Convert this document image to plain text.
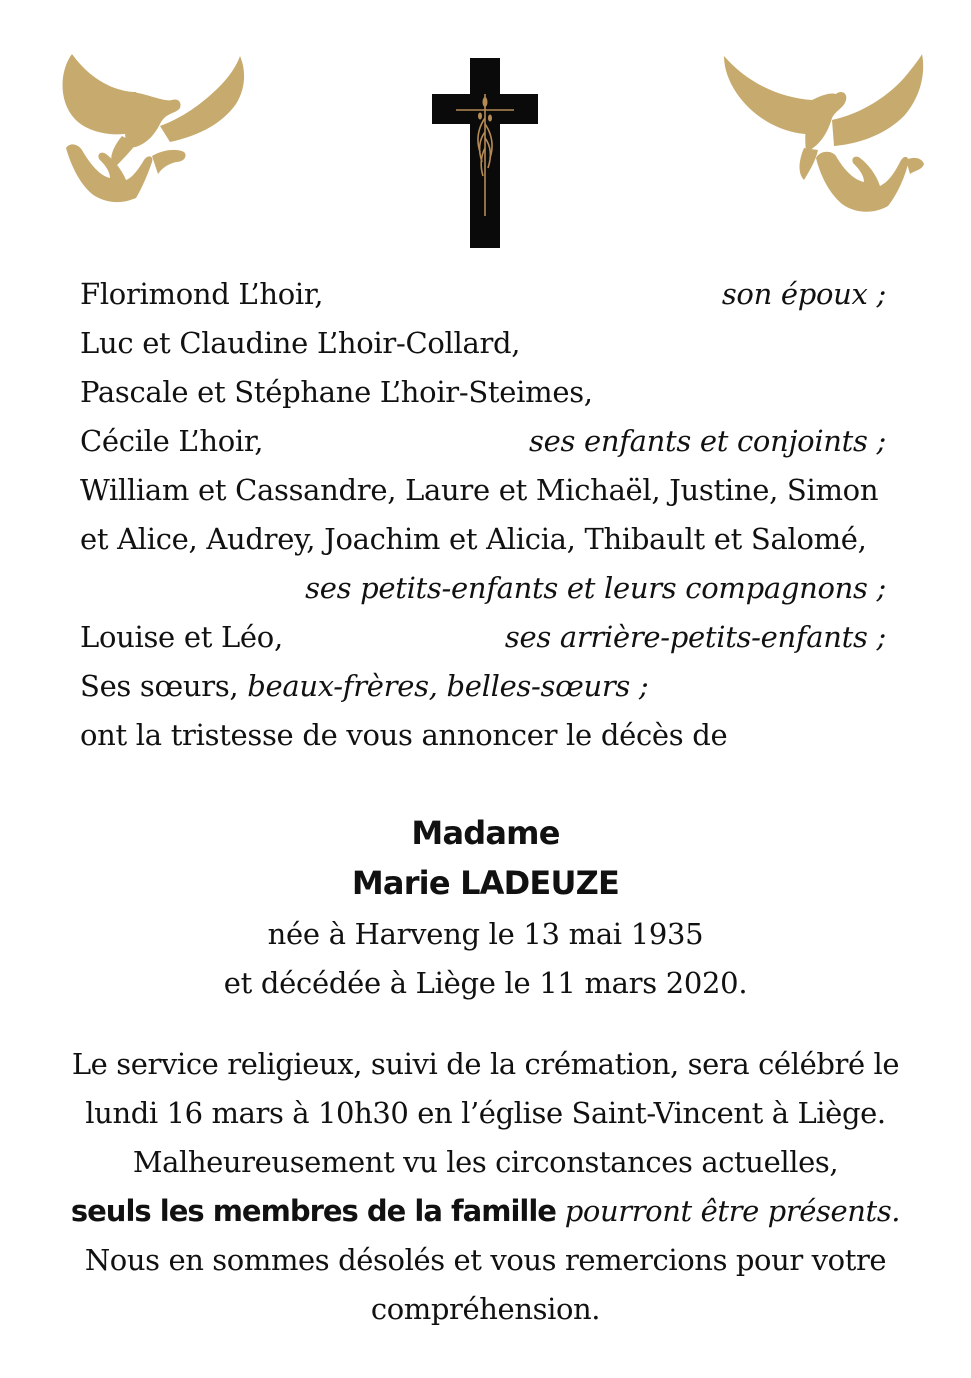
Florimond L’hoir,	son époux ;
Luc et Claudine L’hoir-Collard,
Pascale et Stéphane L’hoir-Steimes,
Cécile L’hoir,	ses enfants et conjoints ;
William et Cassandre, Laure et Michaël, Justine, Simon
et Alice, Audrey, Joachim et Alicia, Thibault et Salomé,
ses petits-enfants et leurs compagnons ;
Louise et Léo,	ses arrière-petits-enfants ;
Ses sœurs, beaux-frères, belles-sœurs ;
ont la tristesse de vous annoncer le décès de
Madame
Marie LADEUZE
née à Harveng le 13 mai 1935
et décédée à Liège le 11 mars 2020.
Le service religieux, suivi de la crémation, sera célébré le
lundi 16 mars à 10h30 en l’église Saint-Vincent à Liège.
Malheureusement vu les circonstances actuelles,
seuls les membres de la famille pourront être présents.
Nous en sommes désolés et vous remercions pour votre
compréhension.
